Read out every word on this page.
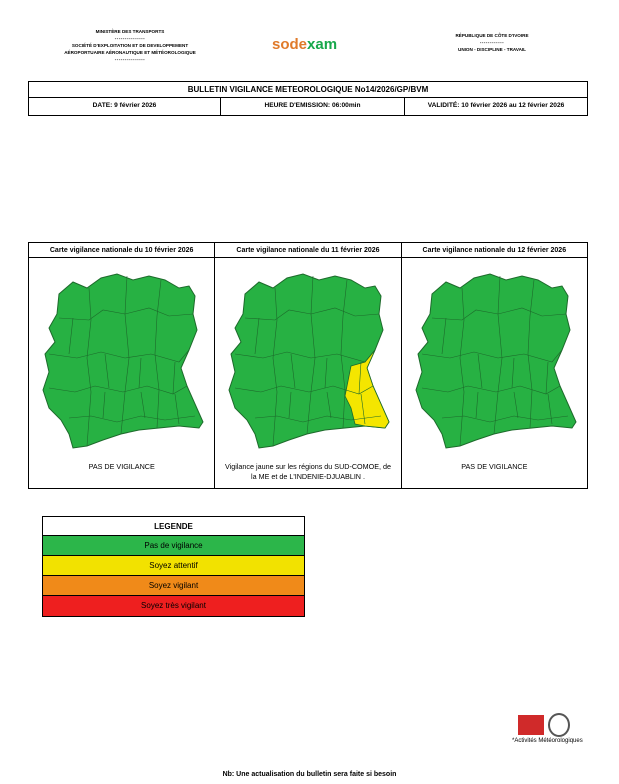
MINISTÈRE DES TRANSPORTS
---------------
SOCIÉTÉ D'EXPLOITATION ET DE DEVELOPPEMENT
AÉROPORTUAIRE AÉRONAUTIQUE ET MÉTÉOROLOGIQUE
---------------
sodexam
RÉPUBLIQUE DE CÔTE D'IVOIRE
------------
UNION - DISCIPLINE - TRAVAIL
BULLETIN VIGILANCE METEOROLOGIQUE No14/2026/GP/BVM
DATE: 9 février 2026	HEURE D'EMISSION: 06:00min	VALIDITÉ: 10 février 2026 au 12 février 2026
Carte vigilance nationale du 10 février 2026
PAS DE VIGILANCE
Carte vigilance nationale du 11 février 2026
Vigilance jaune sur les régions du SUD-COMOE, de la ME et de L'INDENIE-DJUABLIN .
Carte vigilance nationale du 12 février 2026
PAS DE VIGILANCE
LEGENDE
Pas de vigilance
Soyez attentif
Soyez vigilant
Soyez très vigilant
*Activités Météorologiques
Nb: Une actualisation du bulletin sera faite si besoin
